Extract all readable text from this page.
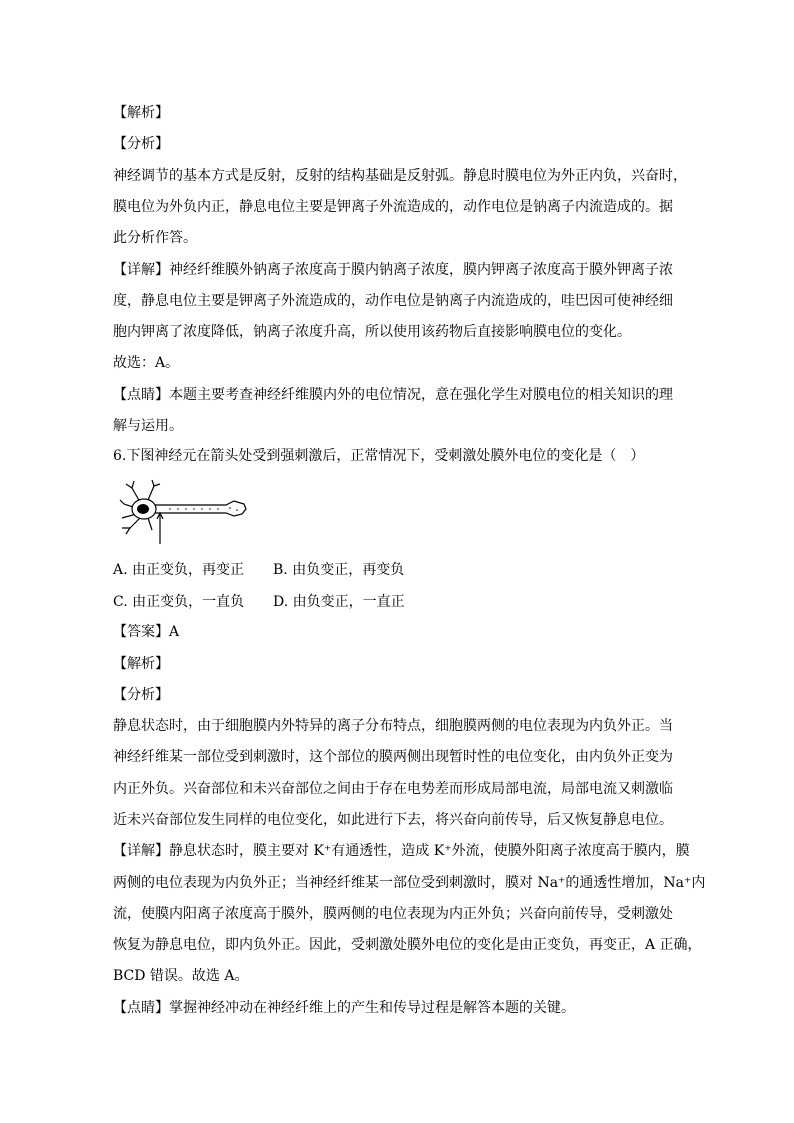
【解析】
【分析】
神经调节的基本方式是反射，反射的结构基础是反射弧。静息时膜电位为外正内负，兴奋时，
膜电位为外负内正，静息电位主要是钾离子外流造成的，动作电位是钠离子内流造成的。据
此分析作答。
【详解】神经纤维膜外钠离子浓度高于膜内钠离子浓度，膜内钾离子浓度高于膜外钾离子浓
度，静息电位主要是钾离子外流造成的，动作电位是钠离子内流造成的，哇巴因可使神经细
胞内钾离了浓度降低，钠离子浓度升高，所以使用该药物后直接影响膜电位的变化。
故选：A。
【点睛】本题主要考查神经纤维膜内外的电位情况，意在强化学生对膜电位的相关知识的理
解与运用。
6.下图神经元在箭头处受到强刺激后，正常情况下，受刺激处膜外电位的变化是（　）
A. 由正变负，再变正 B. 由负变正，再变负
C. 由正变负，一直负 D. 由负变正，一直正
【答案】A
【解析】
【分析】
静息状态时，由于细胞膜内外特异的离子分布特点，细胞膜两侧的电位表现为内负外正。当
神经纤维某一部位受到刺激时，这个部位的膜两侧出现暂时性的电位变化，由内负外正变为
内正外负。兴奋部位和未兴奋部位之间由于存在电势差而形成局部电流，局部电流又刺激临
近未兴奋部位发生同样的电位变化，如此进行下去，将兴奋向前传导，后又恢复静息电位。
【详解】静息状态时，膜主要对 K⁺有通透性，造成 K⁺外流，使膜外阳离子浓度高于膜内，膜
两侧的电位表现为内负外正；当神经纤维某一部位受到刺激时，膜对 Na⁺的通透性增加，Na⁺内
流，使膜内阳离子浓度高于膜外，膜两侧的电位表现为内正外负；兴奋向前传导，受刺激处
恢复为静息电位，即内负外正。因此，受刺激处膜外电位的变化是由正变负，再变正，A 正确，
BCD 错误。故选 A。
【点睛】掌握神经冲动在神经纤维上的产生和传导过程是解答本题的关键。
